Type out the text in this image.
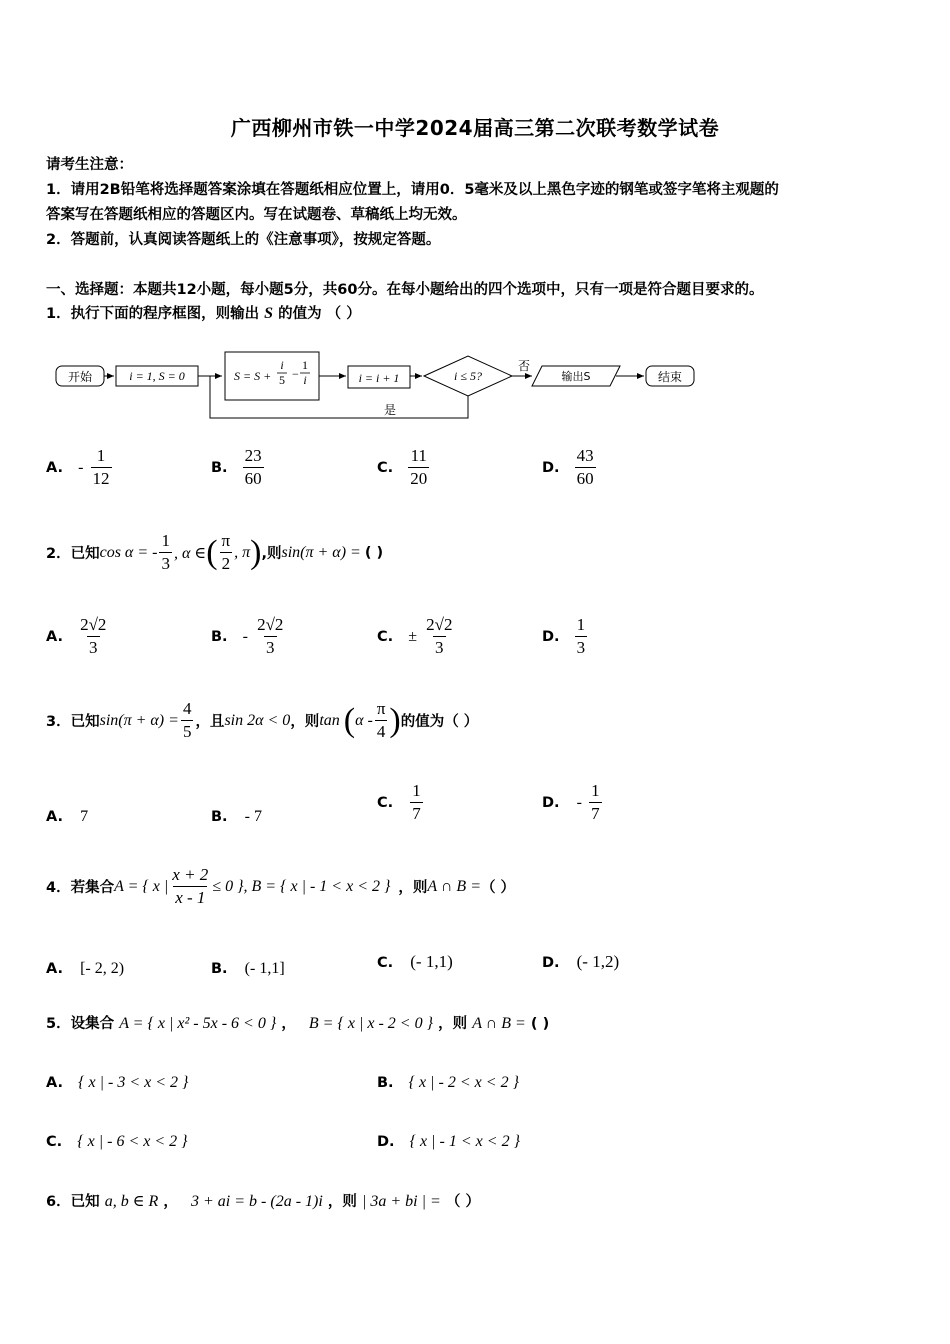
广西柳州市铁一中学2024届高三第二次联考数学试卷
请考生注意：
1．请用2B铅笔将选择题答案涂填在答题纸相应位置上，请用0．5毫米及以上黑色字迹的钢笔或签字笔将主观题的
答案写在答题纸相应的答题区内。写在试题卷、草稿纸上均无效。
2．答题前，认真阅读答题纸上的《注意事项》，按规定答题。
一、选择题：本题共12小题，每小题5分，共60分。在每小题给出的四个选项中，只有一项是符合题目要求的。
1．执行下面的程序框图，则输出 S 的值为 （ ）
开始	i = 1, S = 0	S = S +
i
5 −
1
i	i = i + 1	i ≤ 5?
否
输出S	结束
是
A. - $\frac{1}{12}$	B. $\frac{23}{60}$	C. $\frac{11}{20}$	D. $\frac{43}{60}$
2．已知 cos α = - $\frac{1}{3}$ , α ∈ ( $\frac{\pi}{2}$ , π ) ,则 sin(π + α) = ( )
A. $\frac{2√2}{3}$	B. - $\frac{2√2}{3}$	C. ± $\frac{2√2}{3}$	D. $\frac{1}{3}$
3．已知 $\sin(\pi + \alpha) = \frac{4}{5}$ ，且 sin 2α < 0 ，则 tan ( α - $\frac{\pi}{4}$ ) 的值为（ ）
A. 7	B. - 7
C. $\frac{1}{7}$	D. - $\frac{1}{7}$
4．若集合 A = { x | $\frac{x + 2}{x - 1} \le 0$ }, B = { x | - 1 < x < 2 } ，则 A ∩ B = （ ）
A. [- 2, 2)	B. (- 1,1]	C. (- 1,1)	D. (- 1,2)
5．设集合 A = { x | x² - 5x - 6 < 0 } ， B = { x | x - 2 < 0 } ，则 A ∩ B = ( )
A. { x | - 3 < x < 2 }	B. { x | - 2 < x < 2 }
C. { x | - 6 < x < 2 }	D. { x | - 1 < x < 2 }
6．已知 a, b ∈ R ， 3 + ai = b - (2a - 1)i ，则 | 3a + bi | = （ ）
